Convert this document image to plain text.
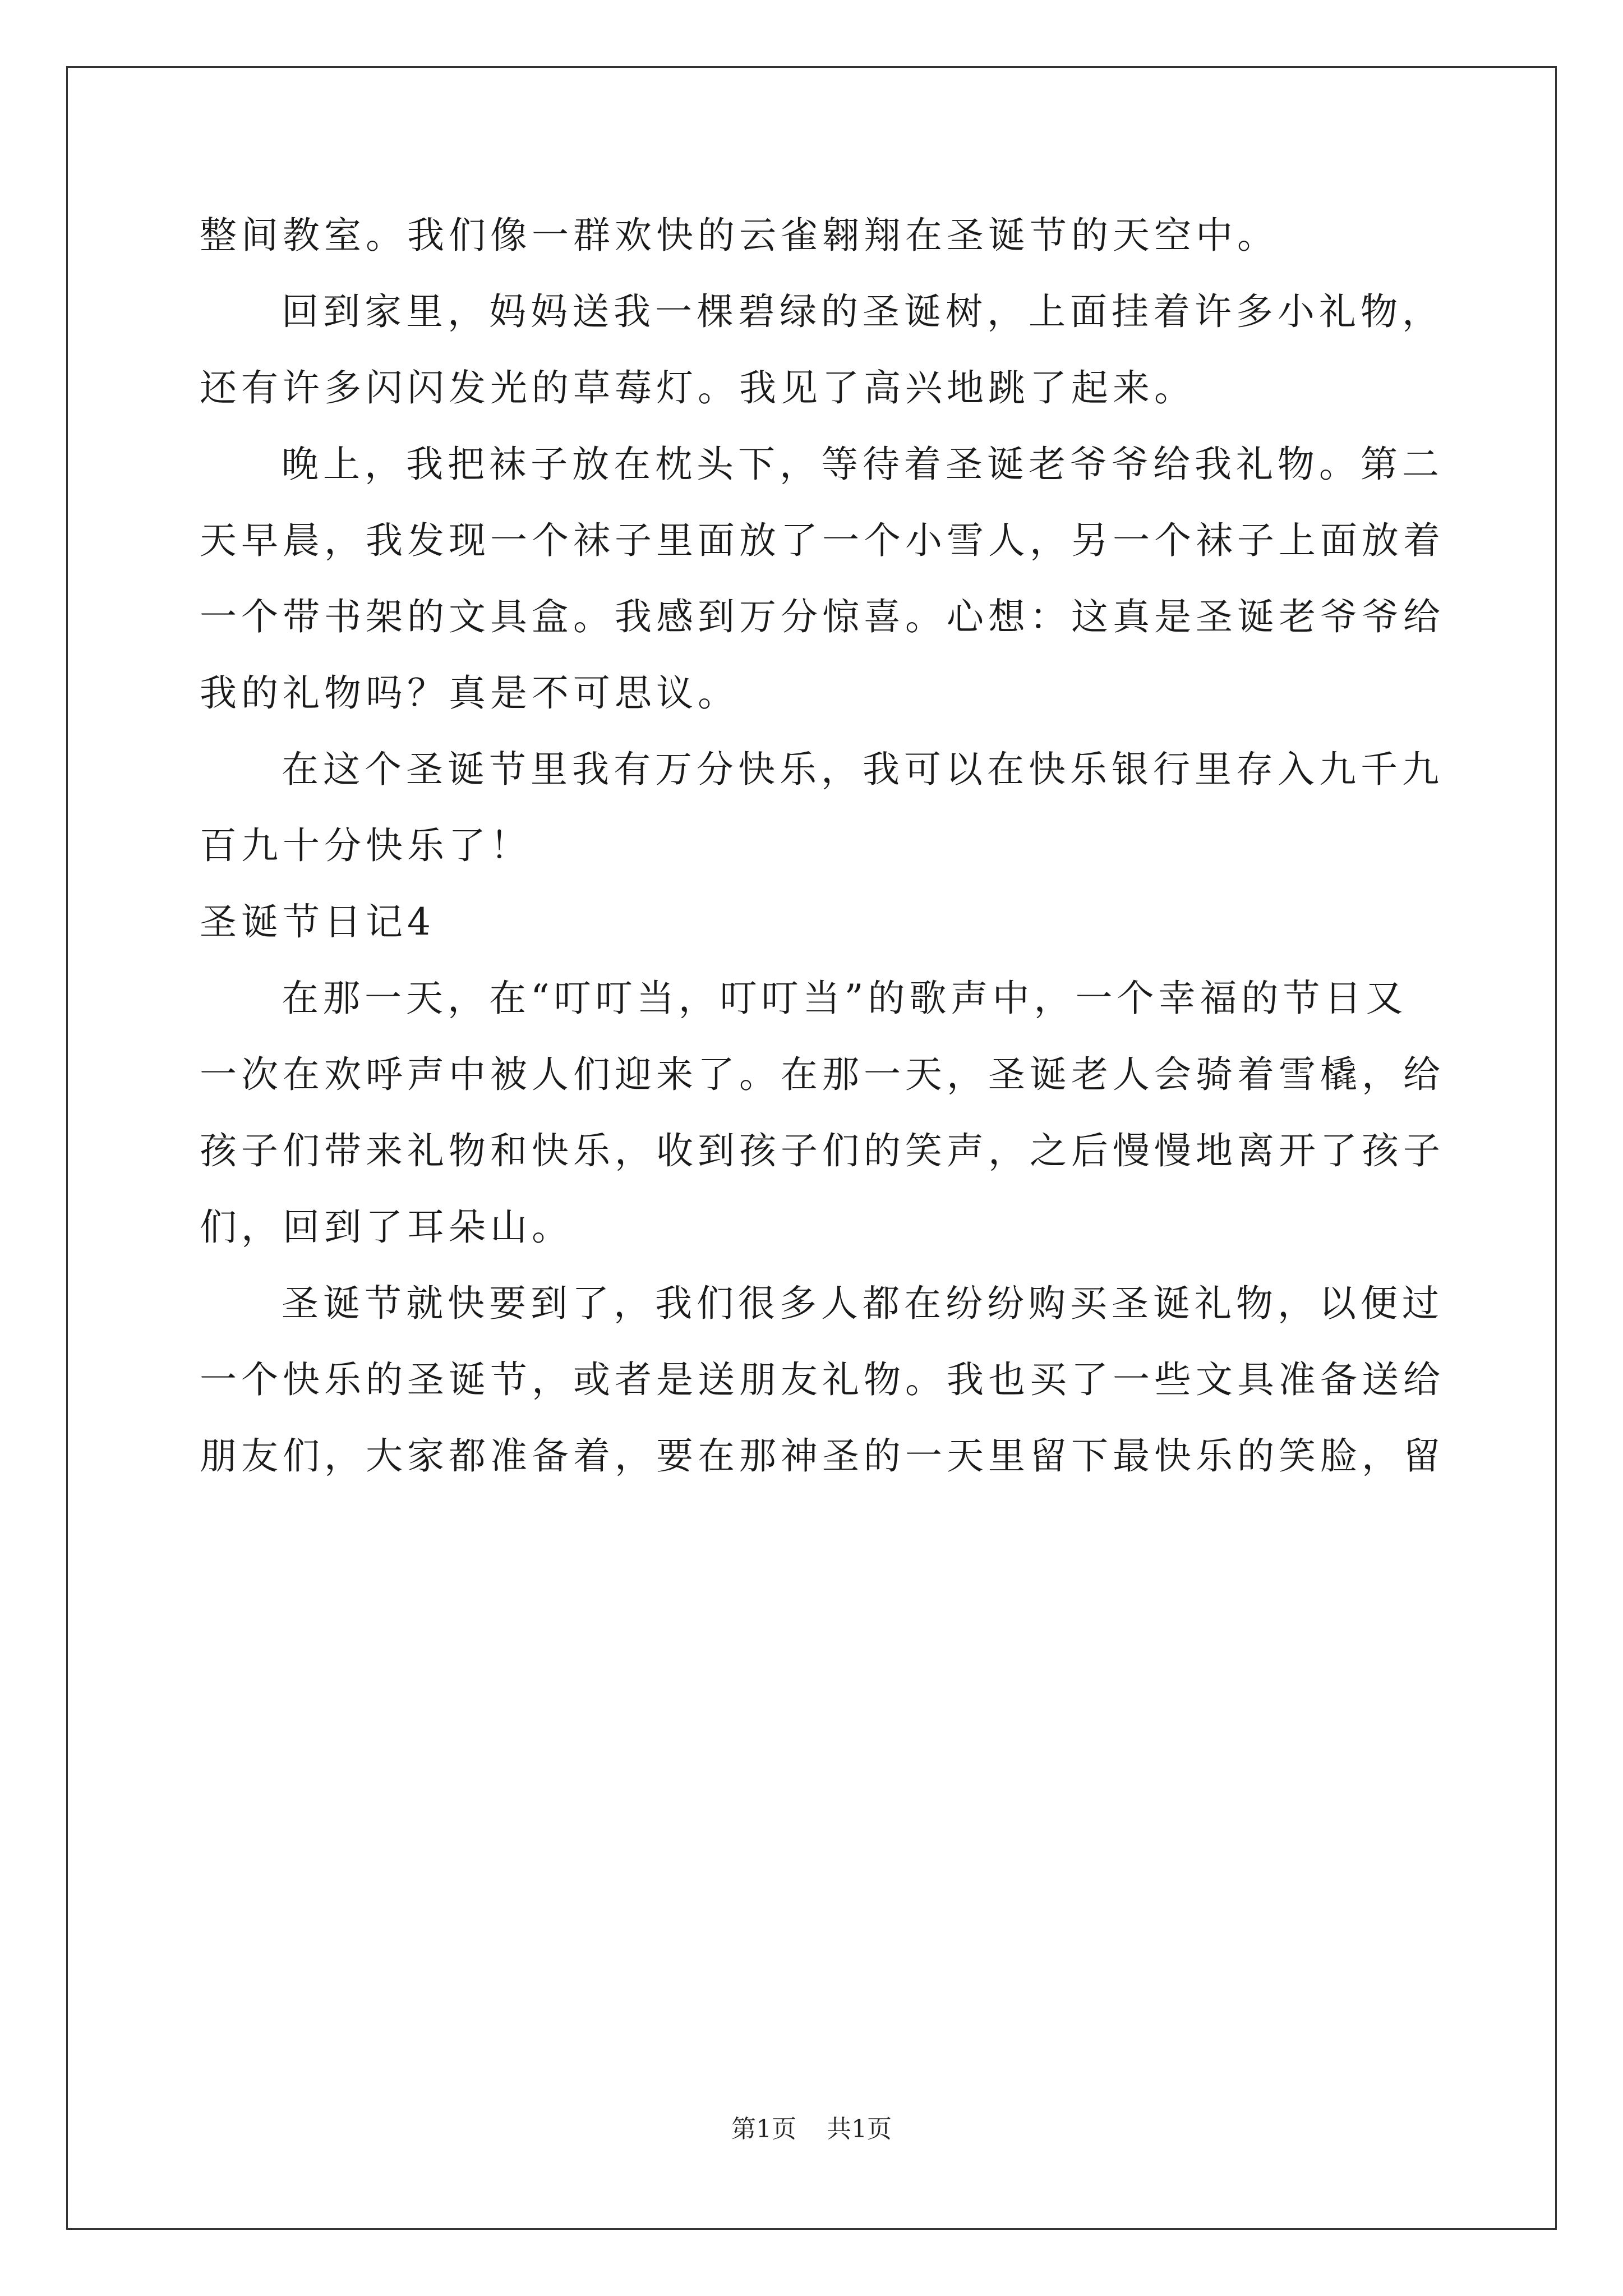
整间教室。我们像一群欢快的云雀翱翔在圣诞节的天空中。
回到家里，妈妈送我一棵碧绿的圣诞树，上面挂着许多小礼物，
还有许多闪闪发光的草莓灯。我见了高兴地跳了起来。
晚上，我把袜子放在枕头下，等待着圣诞老爷爷给我礼物。第二
天早晨，我发现一个袜子里面放了一个小雪人，另一个袜子上面放着
一个带书架的文具盒。我感到万分惊喜。心想：这真是圣诞老爷爷给
我的礼物吗？真是不可思议。
在这个圣诞节里我有万分快乐，我可以在快乐银行里存入九千九
百九十分快乐了！
圣诞节日记4
在那一天，在“叮叮当，叮叮当”的歌声中，一个幸福的节日又
一次在欢呼声中被人们迎来了。在那一天，圣诞老人会骑着雪橇，给
孩子们带来礼物和快乐，收到孩子们的笑声，之后慢慢地离开了孩子
们，回到了耳朵山。
圣诞节就快要到了，我们很多人都在纷纷购买圣诞礼物，以便过
一个快乐的圣诞节，或者是送朋友礼物。我也买了一些文具准备送给
朋友们，大家都准备着，要在那神圣的一天里留下最快乐的笑脸，留
第1页 共1页
